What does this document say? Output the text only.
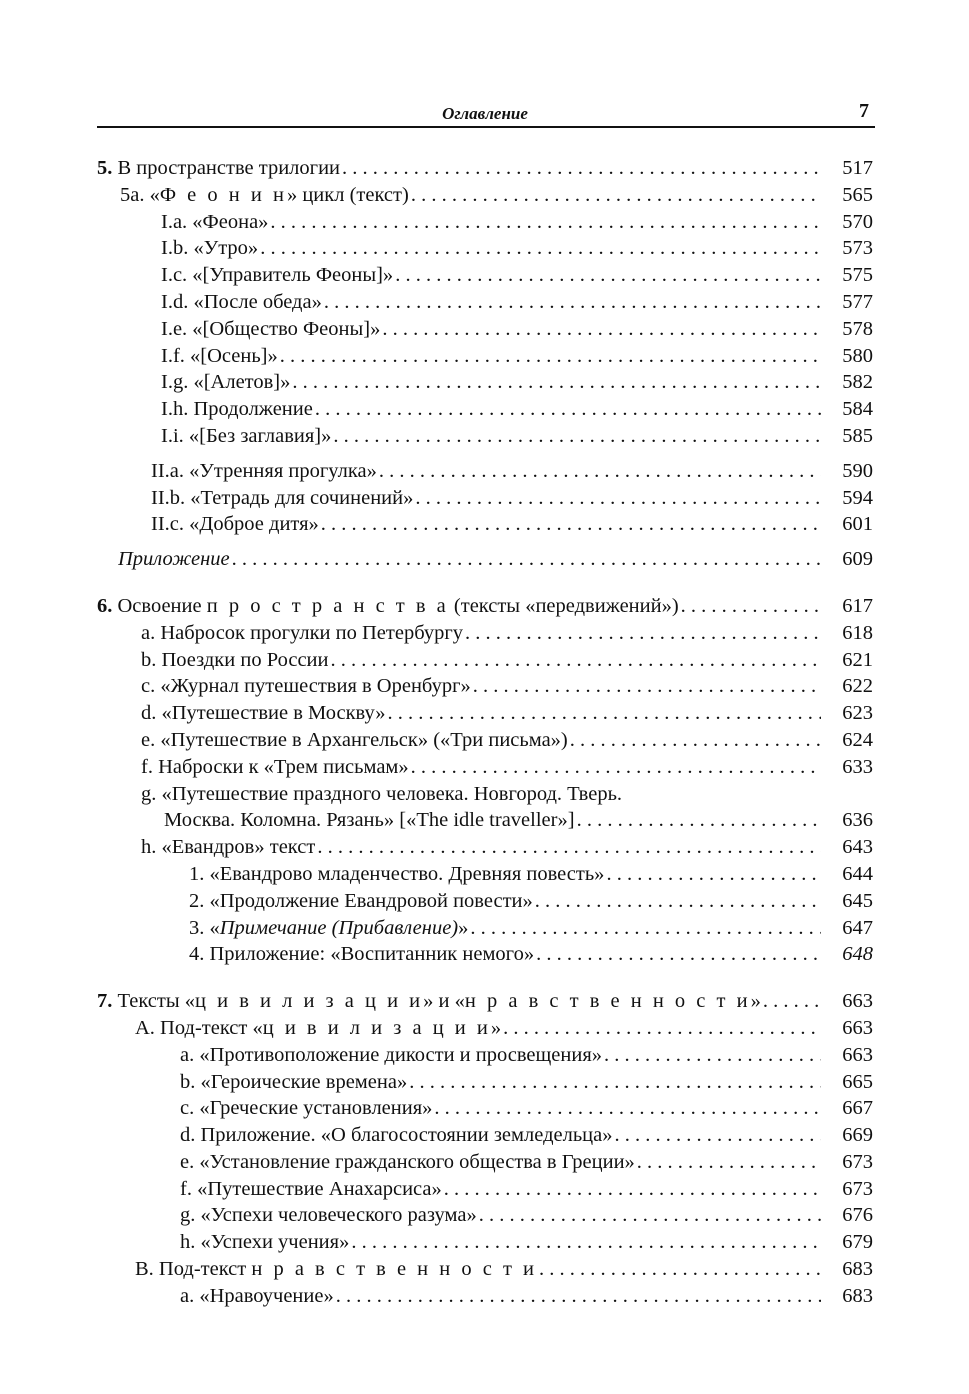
Оглавление	7
5. В пространстве трилогии . . .	517
5а. «Ф е о н и н» цикл (текст) . . .	565
I.a. «Феона» . . .	570
I.b. «Утро» . . .	573
I.c. «[Управитель Феоны]» . . .	575
I.d. «После обеда» . . .	577
I.e. «[Общество Феоны]» . . .	578
I.f. «[Осень]» . . .	580
I.g. «[Алетов]» . . .	582
I.h. Продолжение . . .	584
I.i. «[Без заглавия]» . . .	585
II.a. «Утренняя прогулка» . . .	590
II.b. «Тетрадь для сочинений» . . .	594
II.c. «Доброе дитя» . . .	601
Приложение . . .	609
6. Освоение п р о с т р а н с т в а (тексты «передвижений») . . .	617
a. Набросок прогулки по Петербургу . . .	618
b. Поездки по России . . .	621
c. «Журнал путешествия в Оренбург» . . .	622
d. «Путешествие в Москву» . . .	623
e. «Путешествие в Архангельск» («Три письма») . . .	624
f. Наброски к «Трем письмам» . . .	633
g. «Путешествие праздного человека. Новгород. Тверь.
Москва. Коломна. Рязань» [«The idle traveller»] . . .	636
h. «Евандров» текст . . .	643
1. «Евандрово младенчество. Древняя повесть» . . .	644
2. «Продолжение Евандровой повести» . . .	645
3. «Примечание (Прибавление)» . . .	647
4. Приложение: «Воспитанник немого» . . .	648
7. Тексты «ц и в и л и з а ц и и» и «н р а в с т в е н н о с т и» . . .	663
A. Под-текст «ц и в и л и з а ц и и» . . .	663
a. «Противоположение дикости и просвещения» . . .	663
b. «Героические времена» . . .	665
c. «Греческие установления» . . .	667
d. Приложение. «О благосостоянии земледельца» . . .	669
e. «Установление гражданского общества в Греции» . . .	673
f. «Путешествие Анахарсиса» . . .	673
g. «Успехи человеческого разума» . . .	676
h. «Успехи учения» . . .	679
B. Под-текст н р а в с т в е н н о с т и . . .	683
a. «Нравоучение» . . .	683
